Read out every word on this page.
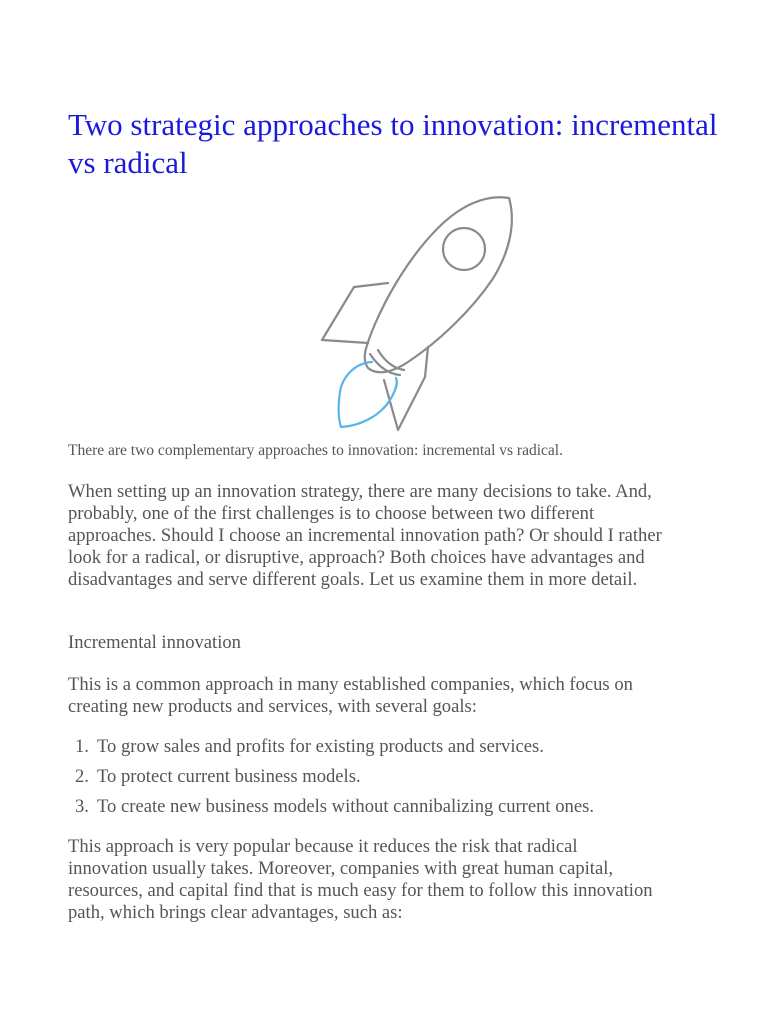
Two strategic approaches to innovation: incremental vs radical
There are two complementary approaches to innovation: incremental vs radical.

When setting up an innovation strategy, there are many decisions to take. And,
probably, one of the first challenges is to choose between two different
approaches. Should I choose an incremental innovation path? Or should I rather
look for a radical, or disruptive, approach? Both choices have advantages and
disadvantages and serve different goals. Let us examine them in more detail.

Incremental innovation

This is a common approach in many established companies, which focus on
creating new products and services, with several goals:

1. To grow sales and profits for existing products and services.
2. To protect current business models.
3. To create new business models without cannibalizing current ones.

This approach is very popular because it reduces the risk that radical
innovation usually takes. Moreover, companies with great human capital,
resources, and capital find that is much easy for them to follow this innovation
path, which brings clear advantages, such as:
